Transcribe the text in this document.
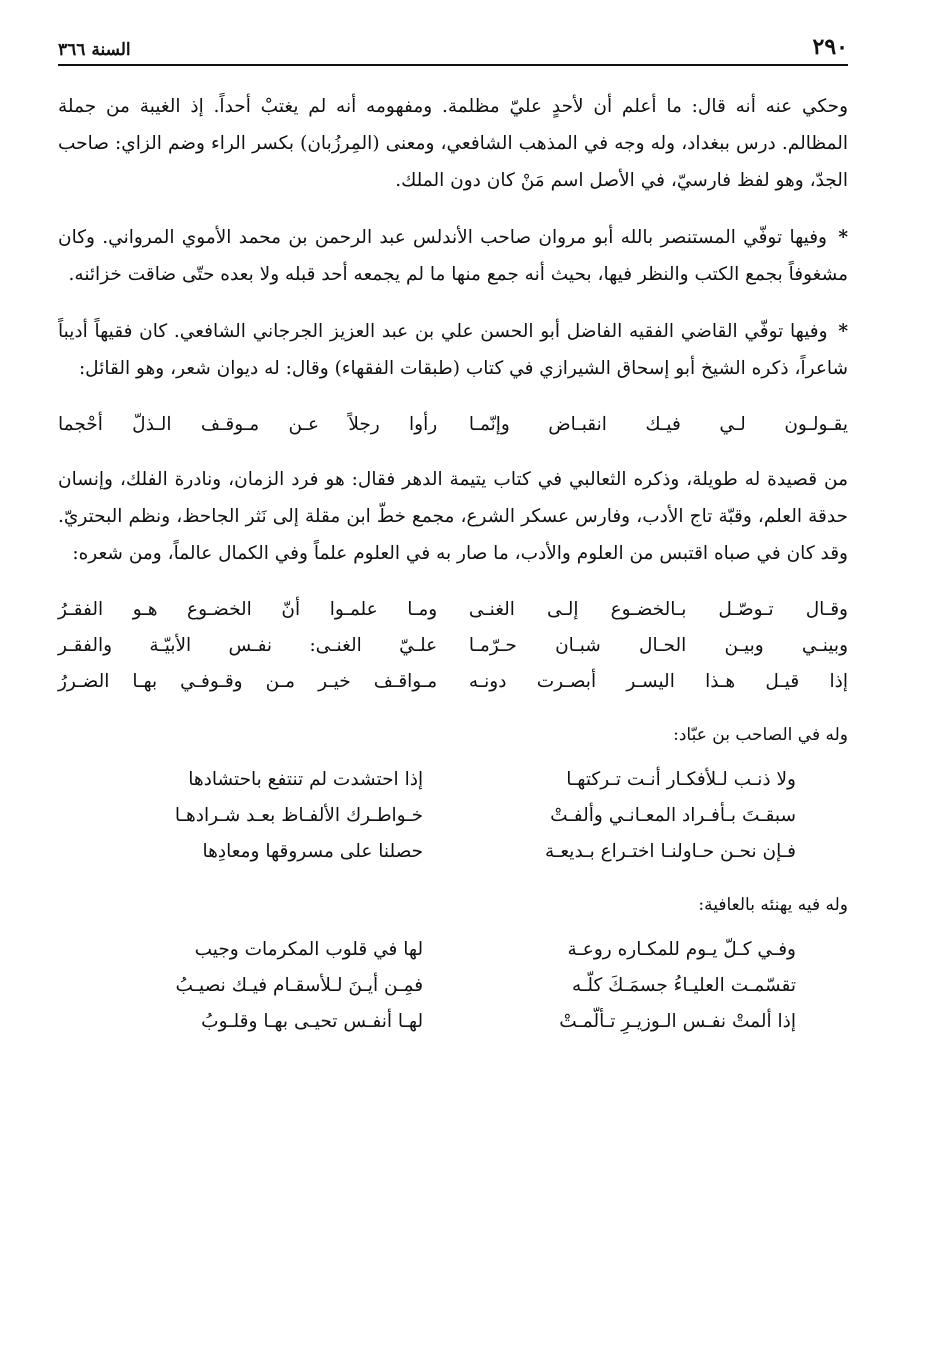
٢٩٠
السنة ٣٦٦

وحكي عنه أنه قال: ما أعلم أن لأحدٍ عليّ مظلمة. ومفهومه أنه لم يغتبْ أحداً. إذ الغيبة من جملة المظالم. درس ببغداد، وله وجه في المذهب الشافعي، ومعنى (المِرزُبان) بكسر الراء وضم الزاي: صاحب الجدّ، وهو لفظ فارسيّ، في الأصل اسم مَنْ كان دون الملك.

* وفيها توفّي المستنصر بالله أبو مروان صاحب الأندلس عبد الرحمن بن محمد الأموي المرواني. وكان مشغوفاً بجمع الكتب والنظر فيها، بحيث أنه جمع منها ما لم يجمعه أحد قبله ولا بعده حتّى ضاقت خزائنه.

* وفيها توفّي القاضي الفقيه الفاضل أبو الحسن علي بن عبد العزيز الجرجاني الشافعي. كان فقيهاً أديباً شاعراً، ذكره الشيخ أبو إسحاق الشيرازي في كتاب (طبقات الفقهاء) وقال: له ديوان شعر، وهو القائل:

يقـولـون لـي فيـك انقبـاض وإنّمـا
رأوا رجلاً عـن مـوقـف الـذلّ أحْجما

من قصيدة له طويلة، وذكره الثعالبي في كتاب يتيمة الدهر فقال: هو فرد الزمان، ونادرة الفلك، وإنسان حدقة العلم، وقبّة تاج الأدب، وفارس عسكر الشرع، مجمع خطّ ابن مقلة إلى نَثر الجاحظ، ونظم البحتريّ. وقد كان في صباه اقتبس من العلوم والأدب، ما صار به في العلوم علماً وفي الكمال عالماً، ومن شعره:

وقـال تـوصّـل بـالخضـوع إلـى الغنـى
ومـا علمـوا أنّ الخضـوع هـو الفقـرُ
وبينـي وبيـن الحـال شبـان حـرّمـا
علـيّ الغنـى: نفـس الأبيّـة والفقـر
إذا قيـل هـذا اليسـر أبصـرت دونـه
مـواقـف خيـر مـن وقـوفـي بهـا الضـررُ

وله في الصاحب بن عبّاد:

ولا ذنـب لـلأفكـار أنـت تـركتهـا
إذا احتشدت لم تنتفع باحتشادها
سبقـتَ بـأفـراد المعـانـي وألفـتْ
خـواطـرك الألفـاظ بعـد شـرادهـا
فـإن نحـن حـاولنـا اختـراع بـديعـة
حصلنا على مسروقها ومعادِها

وله فيه يهنئه بالعافية:

وفـي كـلّ يـوم للمكـاره روعـة
لها في قلوب المكرمات وجيب
تقسّمـت العليـاءُ جسمَـكَ كلّـه
فمِـن أيـنَ لـلأسقـام فيـك نصيـبُ
إذا ألمتْ نفـس الـوزيـرِ تـألّمـتْ
لهـا أنفـس تحيـى بهـا وقلـوبُ
